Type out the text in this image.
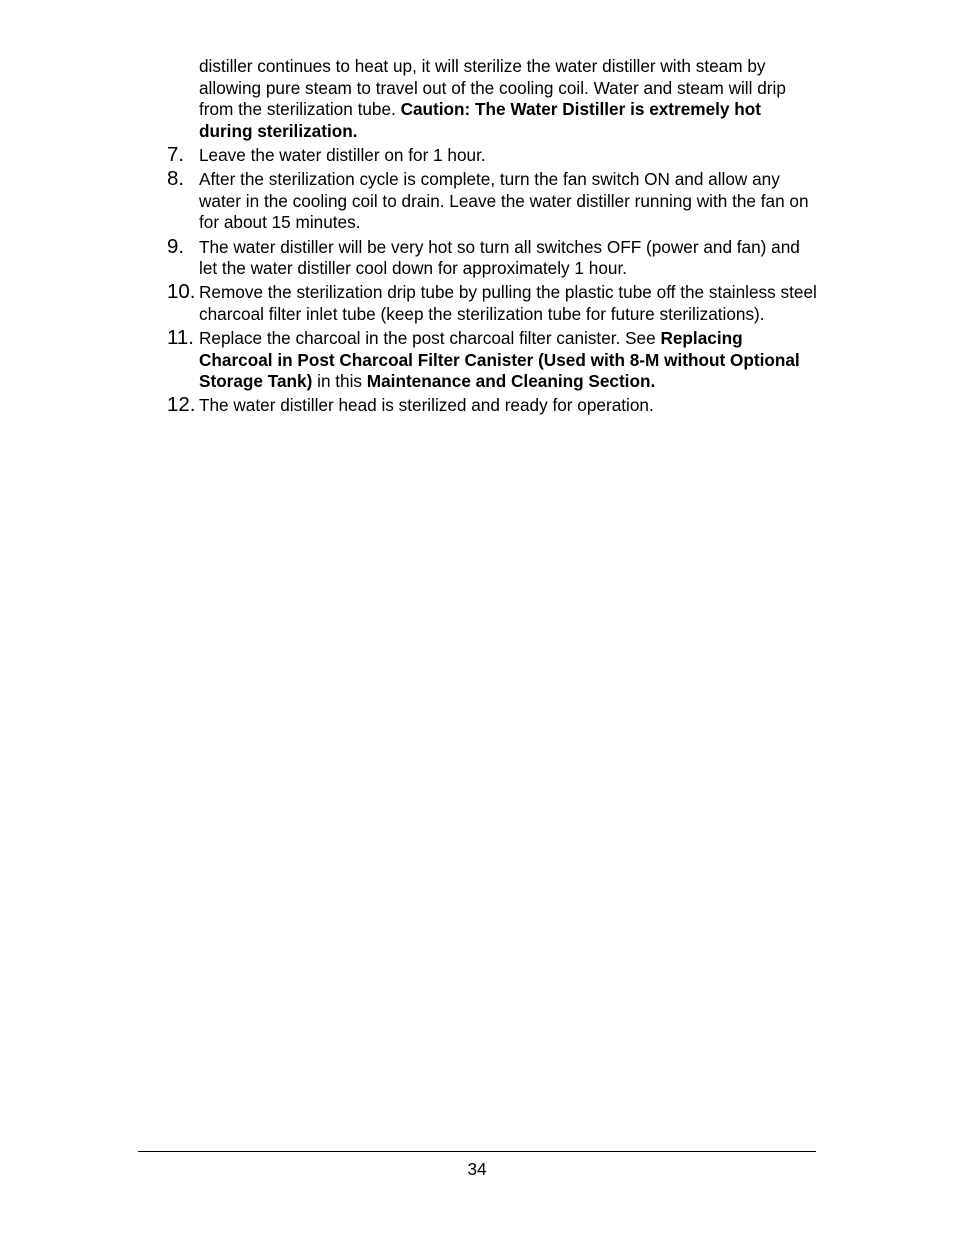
distiller continues to heat up, it will sterilize the water distiller with steam by allowing pure steam to travel out of the cooling coil. Water and steam will drip from the sterilization tube. Caution: The Water Distiller is extremely hot during sterilization.
7. Leave the water distiller on for 1 hour.
8. After the sterilization cycle is complete, turn the fan switch ON and allow any water in the cooling coil to drain. Leave the water distiller running with the fan on for about 15 minutes.
9. The water distiller will be very hot so turn all switches OFF (power and fan) and let the water distiller cool down for approximately 1 hour.
10. Remove the sterilization drip tube by pulling the plastic tube off the stainless steel charcoal filter inlet tube (keep the sterilization tube for future sterilizations).
11. Replace the charcoal in the post charcoal filter canister. See Replacing Charcoal in Post Charcoal Filter Canister (Used with 8-M without Optional Storage Tank) in this Maintenance and Cleaning Section.
12. The water distiller head is sterilized and ready for operation.
34
